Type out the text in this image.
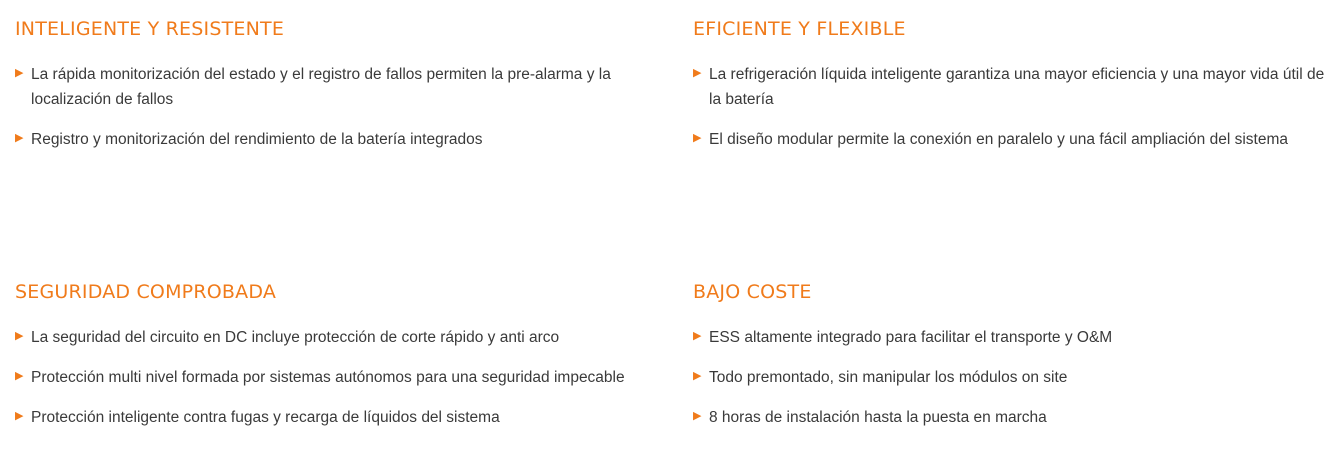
INTELIGENTE Y RESISTENTE
▶ La rápida monitorización del estado y el registro de fallos permiten la pre-alarma y la localización de fallos
▶ Registro y monitorización del rendimiento de la batería integrados
EFICIENTE Y FLEXIBLE
▶ La refrigeración líquida inteligente garantiza una mayor eficiencia y una mayor vida útil de la batería
▶ El diseño modular permite la conexión en paralelo y una fácil ampliación del sistema
SEGURIDAD COMPROBADA
▶ La seguridad del circuito en DC incluye protección de corte rápido y anti arco
▶ Protección multi nivel formada por sistemas autónomos para una seguridad impecable
▶ Protección inteligente contra fugas y recarga de líquidos del sistema
BAJO COSTE
▶ ESS altamente integrado para facilitar el transporte y O&M
▶ Todo premontado, sin manipular los módulos on site
▶ 8 horas de instalación hasta la puesta en marcha
